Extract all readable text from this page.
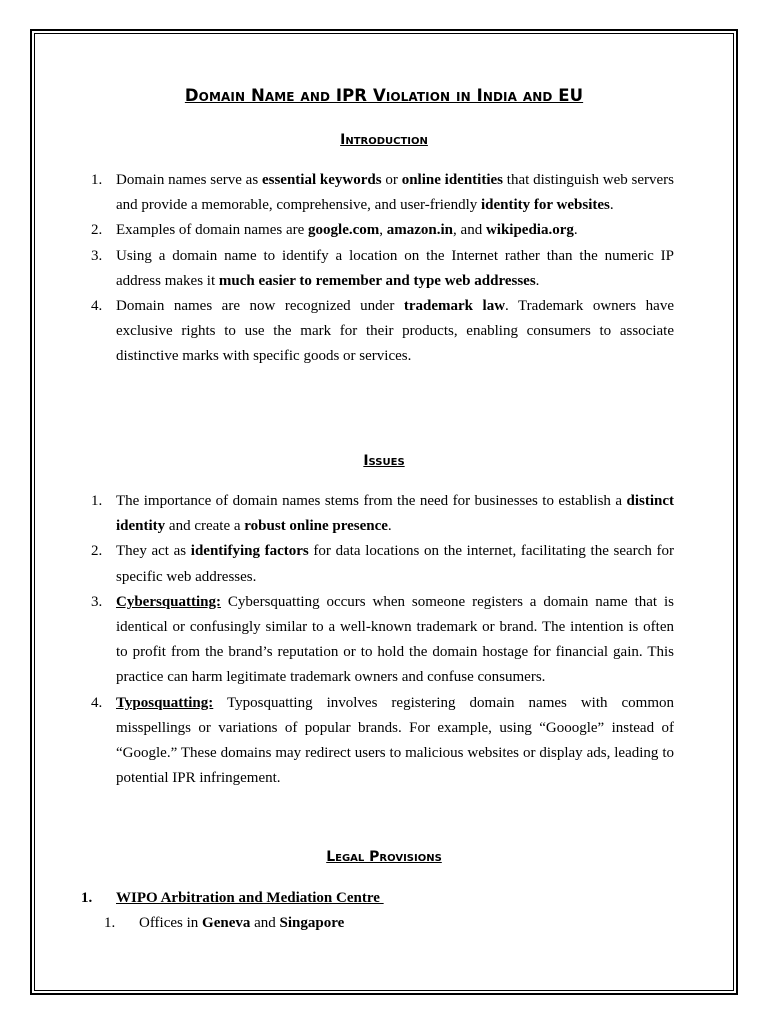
Domain Name and IPR Violation in India and EU
Introduction
1. Domain names serve as essential keywords or online identities that distinguish web servers and provide a memorable, comprehensive, and user-friendly identity for websites.
2. Examples of domain names are google.com, amazon.in, and wikipedia.org.
3. Using a domain name to identify a location on the Internet rather than the numeric IP address makes it much easier to remember and type web addresses.
4. Domain names are now recognized under trademark law. Trademark owners have exclusive rights to use the mark for their products, enabling consumers to associate distinctive marks with specific goods or services.
Issues
1. The importance of domain names stems from the need for businesses to establish a distinct identity and create a robust online presence.
2. They act as identifying factors for data locations on the internet, facilitating the search for specific web addresses.
3. Cybersquatting: Cybersquatting occurs when someone registers a domain name that is identical or confusingly similar to a well-known trademark or brand. The intention is often to profit from the brand’s reputation or to hold the domain hostage for financial gain. This practice can harm legitimate trademark owners and confuse consumers.
4. Typosquatting: Typosquatting involves registering domain names with common misspellings or variations of popular brands. For example, using “Gooogle” instead of “Google.” These domains may redirect users to malicious websites or display ads, leading to potential IPR infringement.
Legal Provisions
1. WIPO Arbitration and Mediation Centre
1. Offices in Geneva and Singapore
